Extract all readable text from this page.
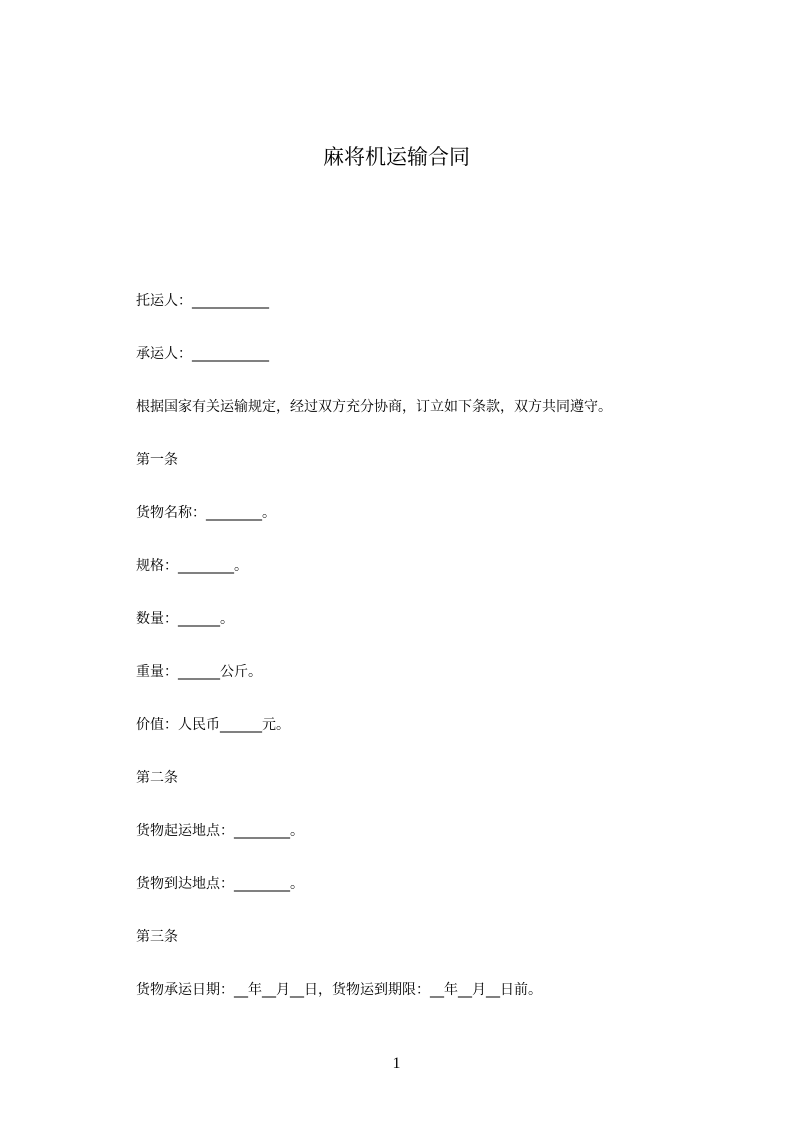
麻将机运输合同

托运人：___________

承运人：___________

根据国家有关运输规定，经过双方充分协商，订立如下条款，双方共同遵守。

第一条

货物名称：________。

规格：________。

数量：______。

重量：______公斤。

价值：人民币______元。

第二条

货物起运地点：________。

货物到达地点：________。

第三条

货物承运日期：__年__月__日，货物运到期限：__年__月__日前。

1
